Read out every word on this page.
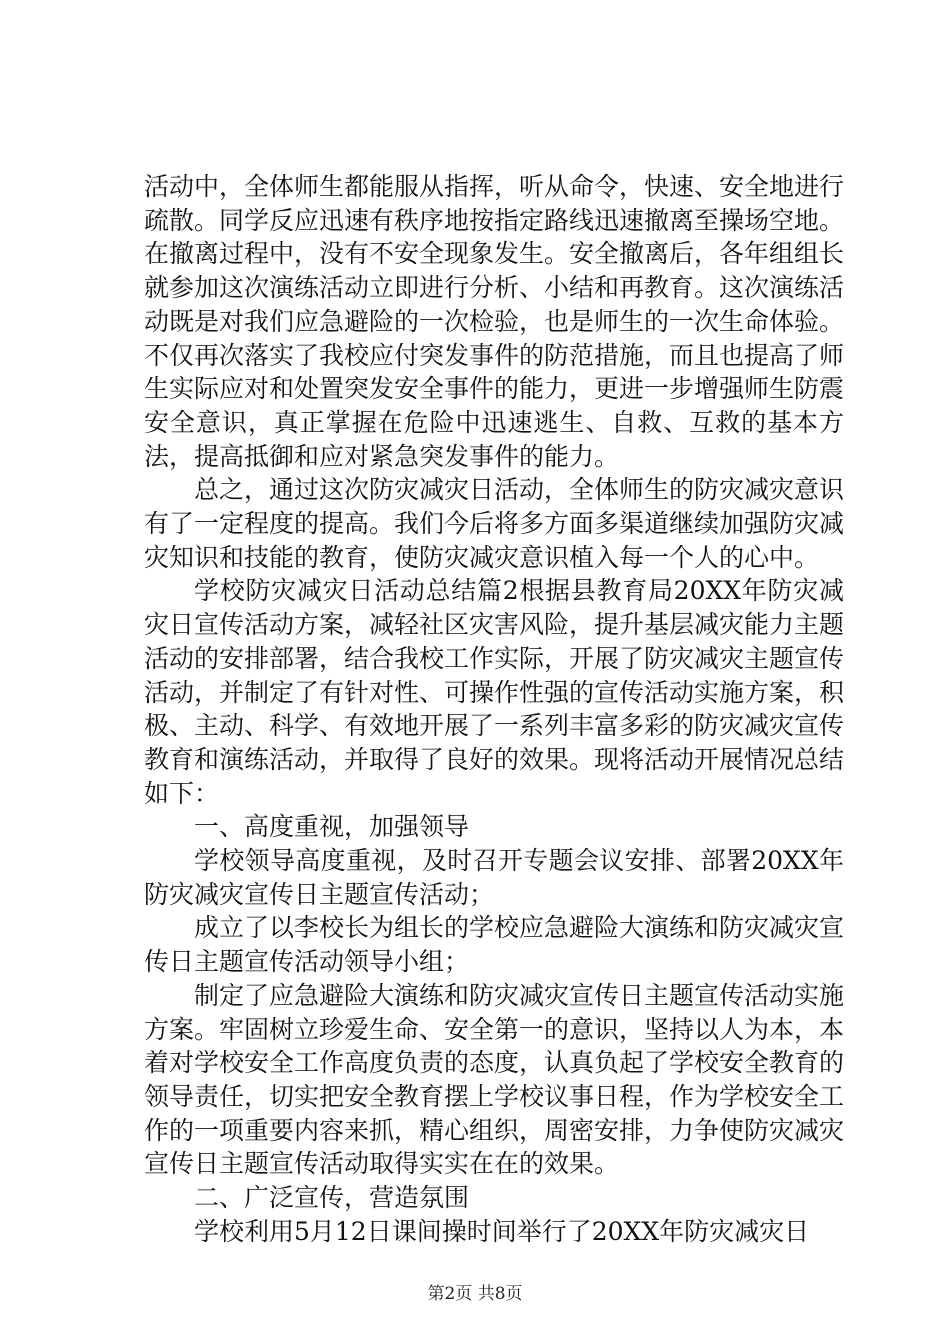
活动中，全体师生都能服从指挥，听从命令，快速、安全地进行疏散。同学反应迅速有秩序地按指定路线迅速撤离至操场空地。在撤离过程中，没有不安全现象发生。安全撤离后，各年组组长就参加这次演练活动立即进行分析、小结和再教育。这次演练活动既是对我们应急避险的一次检验，也是师生的一次生命体验。不仅再次落实了我校应付突发事件的防范措施，而且也提高了师生实际应对和处置突发安全事件的能力，更进一步增强师生防震安全意识，真正掌握在危险中迅速逃生、自救、互救的基本方法，提高抵御和应对紧急突发事件的能力。

总之，通过这次防灾减灾日活动，全体师生的防灾减灾意识有了一定程度的提高。我们今后将多方面多渠道继续加强防灾减灾知识和技能的教育，使防灾减灾意识植入每一个人的心中。

学校防灾减灾日活动总结篇2根据县教育局20XX年防灾减灾日宣传活动方案，减轻社区灾害风险，提升基层减灾能力主题活动的安排部署，结合我校工作实际，开展了防灾减灾主题宣传活动，并制定了有针对性、可操作性强的宣传活动实施方案，积极、主动、科学、有效地开展了一系列丰富多彩的防灾减灾宣传教育和演练活动，并取得了良好的效果。现将活动开展情况总结如下：

一、高度重视，加强领导

学校领导高度重视，及时召开专题会议安排、部署20XX年防灾减灾宣传日主题宣传活动；

成立了以李校长为组长的学校应急避险大演练和防灾减灾宣传日主题宣传活动领导小组；

制定了应急避险大演练和防灾减灾宣传日主题宣传活动实施方案。牢固树立珍爱生命、安全第一的意识，坚持以人为本，本着对学校安全工作高度负责的态度，认真负起了学校安全教育的领导责任，切实把安全教育摆上学校议事日程，作为学校安全工作的一项重要内容来抓，精心组织，周密安排，力争使防灾减灾宣传日主题宣传活动取得实实在在的效果。

二、广泛宣传，营造氛围

学校利用5月12日课间操时间举行了20XX年防灾减灾日

第2页 共8页
